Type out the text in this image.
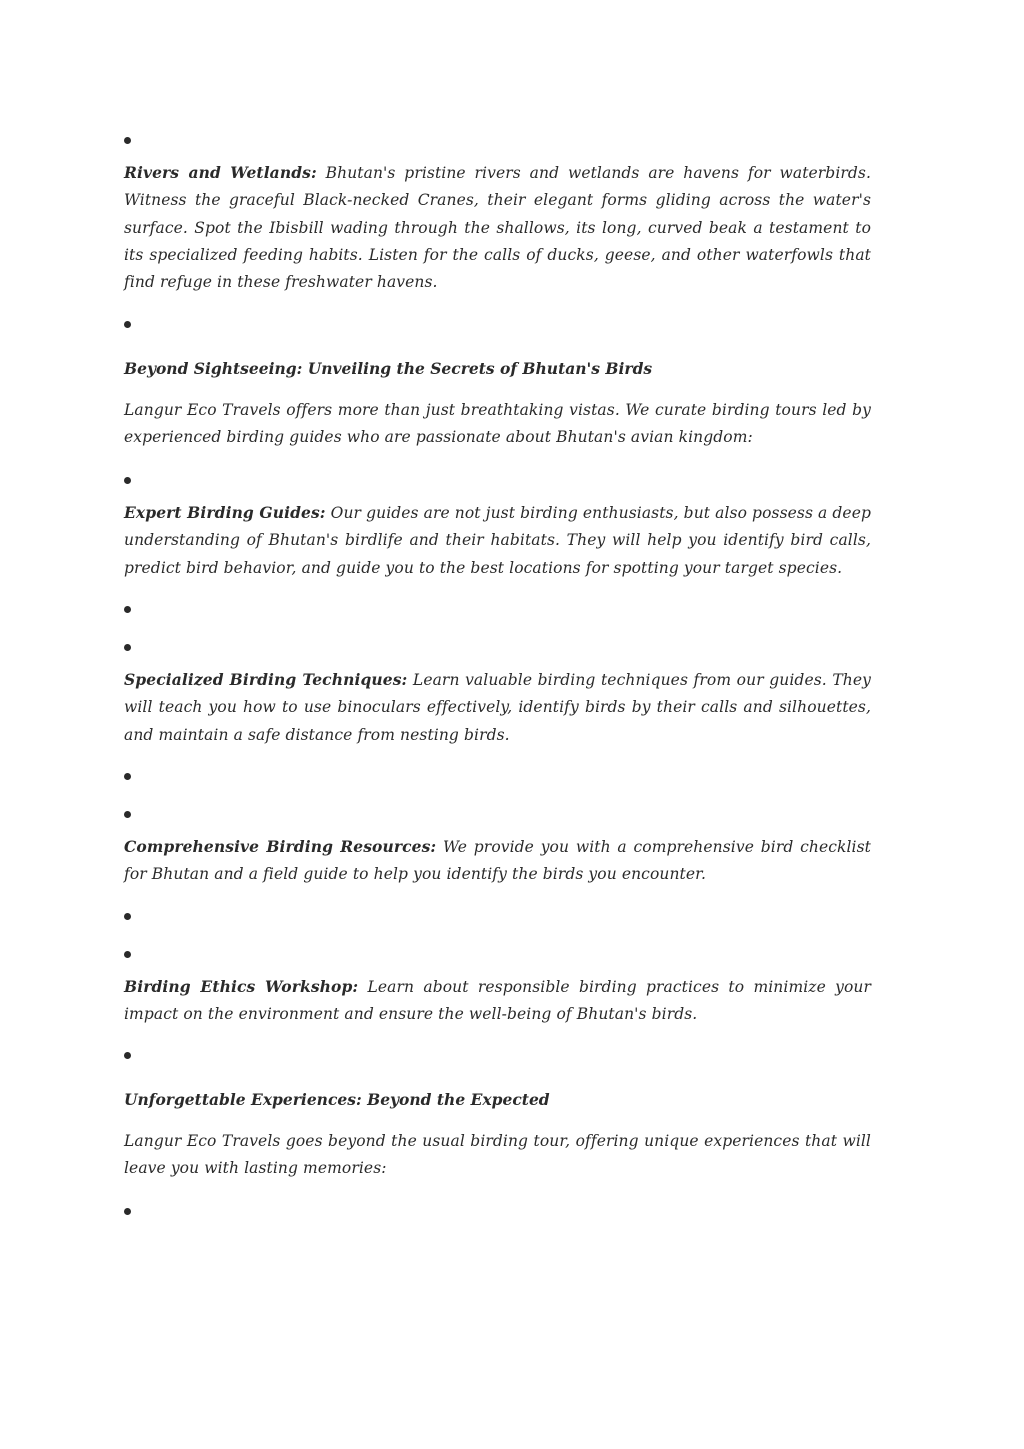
Rivers and Wetlands: Bhutan's pristine rivers and wetlands are havens for waterbirds. Witness the graceful Black-necked Cranes, their elegant forms gliding across the water's surface. Spot the Ibisbill wading through the shallows, its long, curved beak a testament to its specialized feeding habits. Listen for the calls of ducks, geese, and other waterfowls that find refuge in these freshwater havens.
Beyond Sightseeing: Unveiling the Secrets of Bhutan's Birds
Langur Eco Travels offers more than just breathtaking vistas. We curate birding tours led by experienced birding guides who are passionate about Bhutan's avian kingdom:
Expert Birding Guides: Our guides are not just birding enthusiasts, but also possess a deep understanding of Bhutan's birdlife and their habitats. They will help you identify bird calls, predict bird behavior, and guide you to the best locations for spotting your target species.
Specialized Birding Techniques: Learn valuable birding techniques from our guides. They will teach you how to use binoculars effectively, identify birds by their calls and silhouettes, and maintain a safe distance from nesting birds.
Comprehensive Birding Resources: We provide you with a comprehensive bird checklist for Bhutan and a field guide to help you identify the birds you encounter.
Birding Ethics Workshop: Learn about responsible birding practices to minimize your impact on the environment and ensure the well-being of Bhutan's birds.
Unforgettable Experiences: Beyond the Expected
Langur Eco Travels goes beyond the usual birding tour, offering unique experiences that will leave you with lasting memories:
